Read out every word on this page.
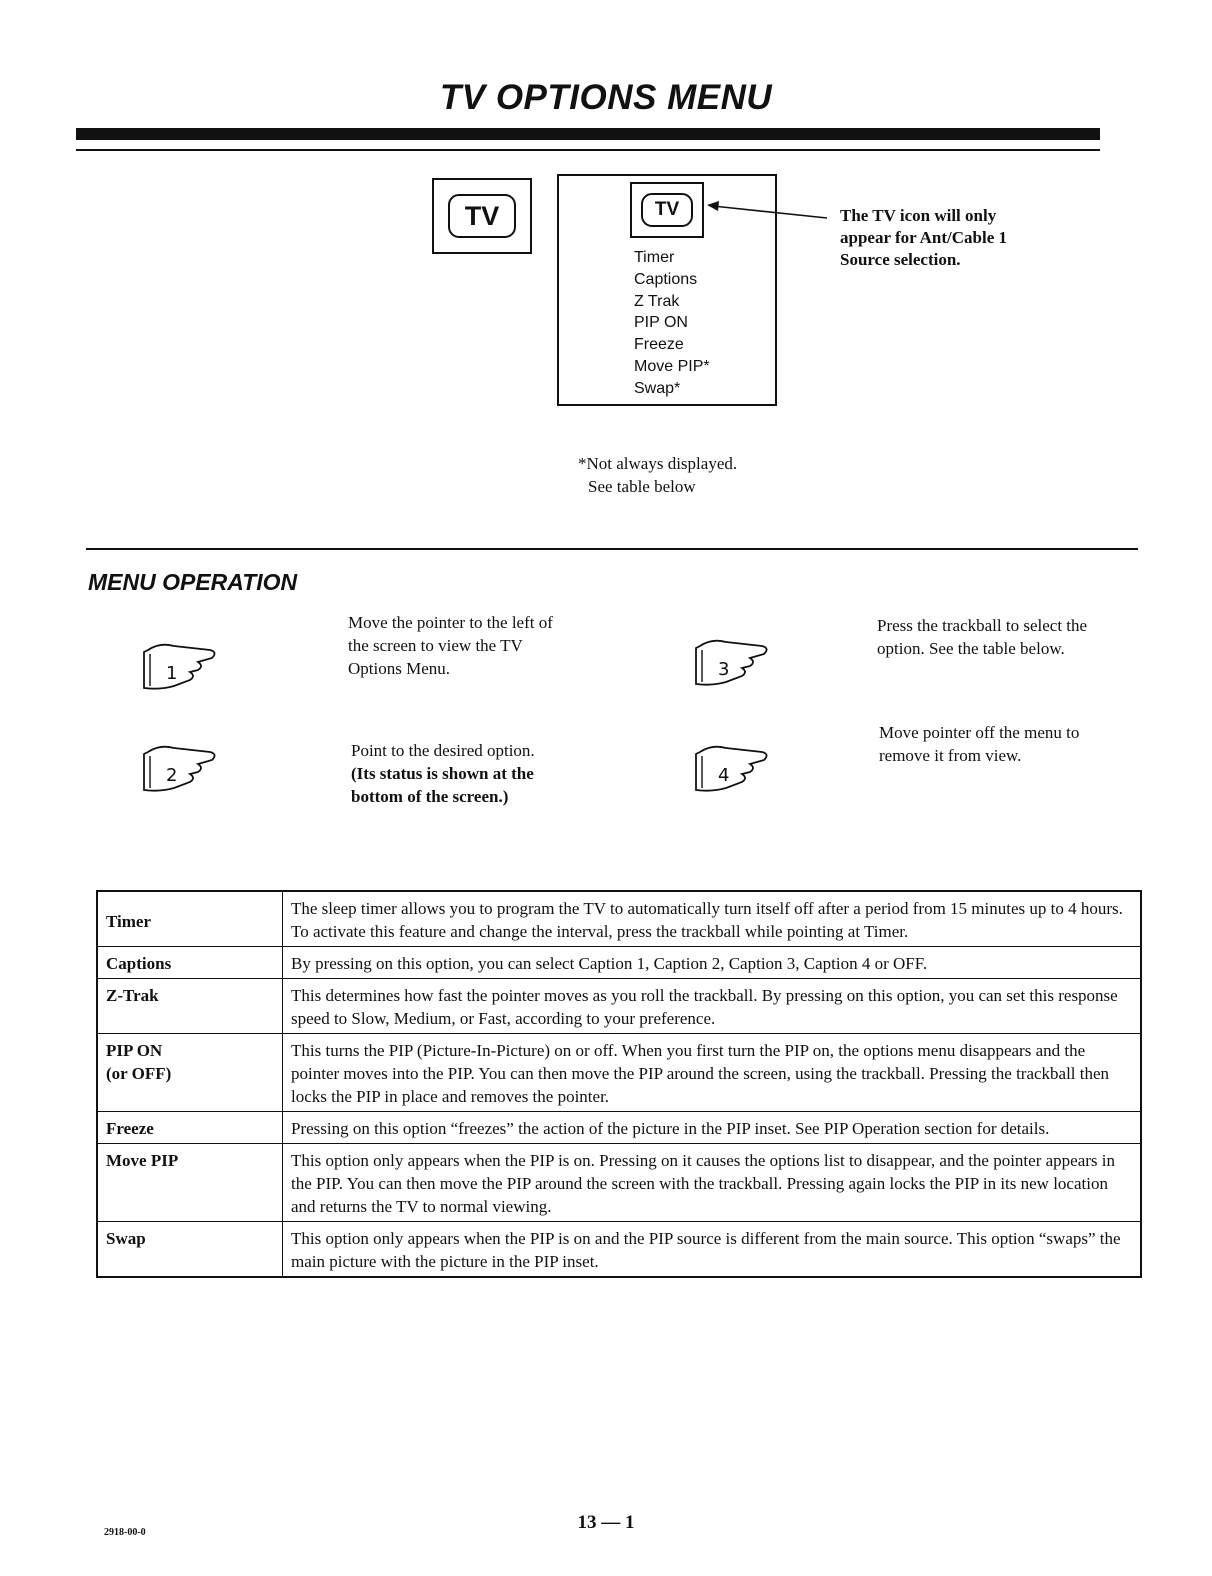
TV OPTIONS MENU
TV	TV
Timer
Captions
Z Trak
PIP ON
Freeze
Move PIP*
Swap*
The TV icon will only
appear for Ant/Cable 1
Source selection.
*Not always displayed.
See table below
MENU OPERATION
1
Move the pointer to the left of
the screen to view the TV
Options Menu.
2
Point to the desired option.
(Its status is shown at the
bottom of the screen.)
3
Press the trackball to select the
option. See the table below.
4
Move pointer off the menu to
remove it from view.
Timer	The sleep timer allows you to program the TV to automatically turn itself off after a period from 15 minutes up to 4 hours. To activate this feature and change the interval, press the trackball while pointing at Timer.

Captions	By pressing on this option, you can select Caption 1, Caption 2, Caption 3, Caption 4 or OFF.

Z-Trak	This determines how fast the pointer moves as you roll the trackball. By pressing on this option, you can set this response speed to Slow, Medium, or Fast, according to your preference.

PIP ON
(or OFF)	This turns the PIP (Picture-In-Picture) on or off. When you first turn the PIP on, the options menu disappears and the pointer moves into the PIP. You can then move the PIP around the screen, using the trackball. Pressing the trackball then locks the PIP in place and removes the pointer.

Freeze	Pressing on this option “freezes” the action of the picture in the PIP inset. See PIP Operation section for details.

Move PIP	This option only appears when the PIP is on. Pressing on it causes the options list to disappear, and the pointer appears in the PIP. You can then move the PIP around the screen with the trackball. Pressing again locks the PIP in its new location and returns the TV to normal viewing.

Swap	This option only appears when the PIP is on and the PIP source is different from the main source. This option “swaps” the main picture with the picture in the PIP inset.
13 — 1
2918-00-0
